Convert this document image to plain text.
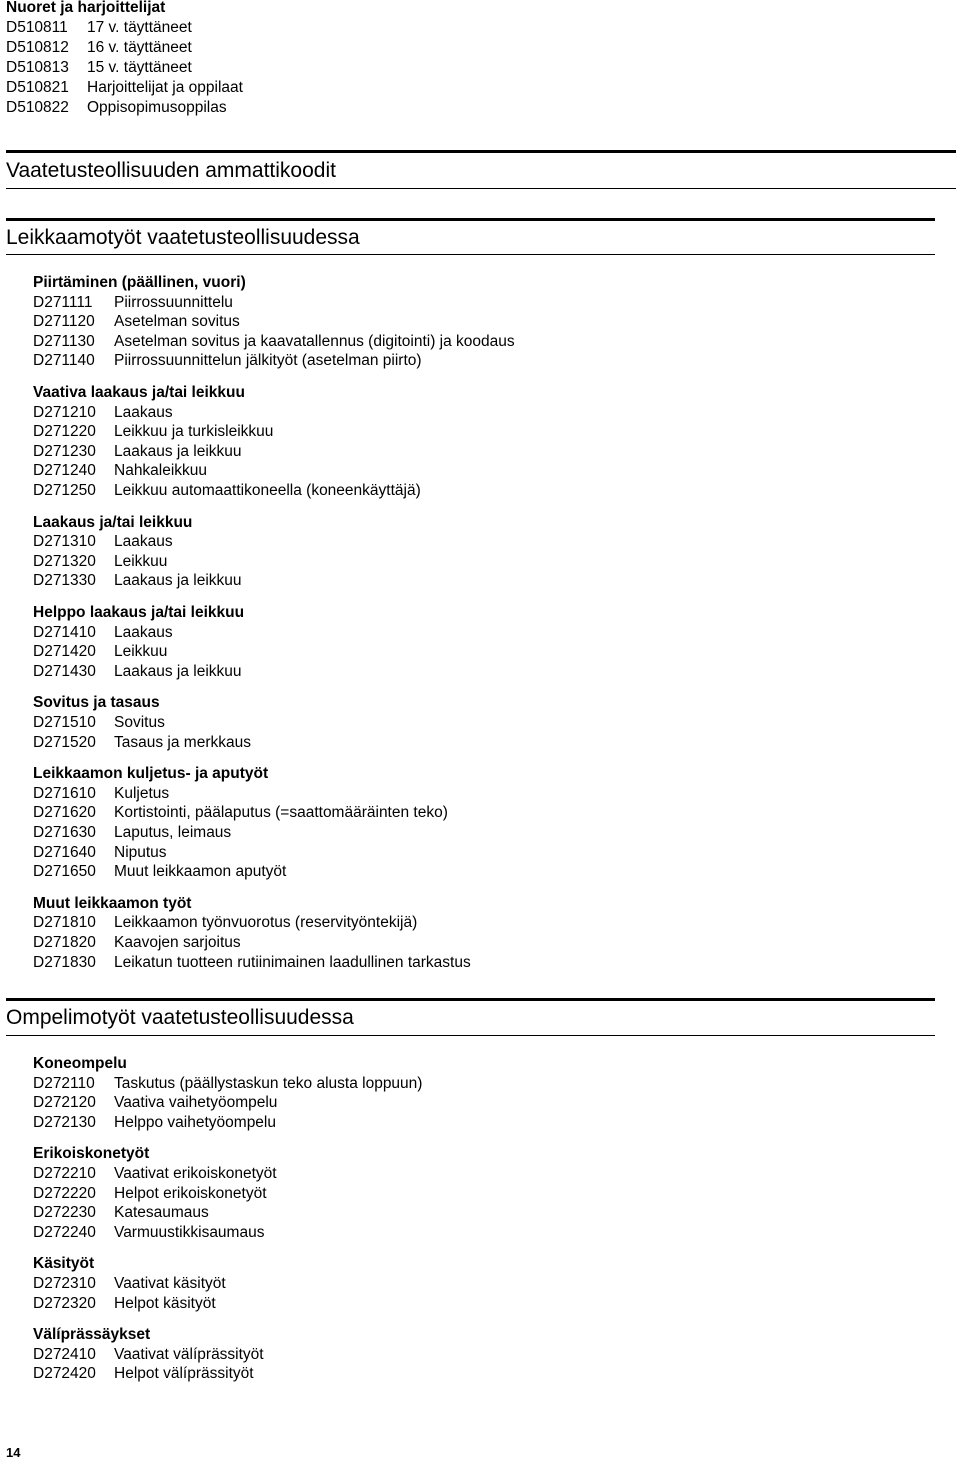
Nuoret ja harjoittelijat
D510811 17 v. täyttäneet
D510812 16 v. täyttäneet
D510813 15 v. täyttäneet
D510821 Harjoittelijat ja oppilaat
D510822 Oppisopimusoppilas
Vaatetusteollisuuden ammattikoodit
Leikkaamotyöt vaatetusteollisuudessa
Piirtäminen (päällinen, vuori)
D271111 Piirrossuunnittelu
D271120 Asetelman sovitus
D271130 Asetelman sovitus ja kaavatallennus (digitointi) ja koodaus
D271140 Piirrossuunnittelun jälkityöt (asetelman piirto)
Vaativa laakaus ja/tai leikkuu
D271210 Laakaus
D271220 Leikkuu ja turkisleikkuu
D271230 Laakaus ja leikkuu
D271240 Nahkaleikkuu
D271250 Leikkuu automaattikoneella (koneenkäyttäjä)
Laakaus ja/tai leikkuu
D271310 Laakaus
D271320 Leikkuu
D271330 Laakaus ja leikkuu
Helppo laakaus ja/tai leikkuu
D271410 Laakaus
D271420 Leikkuu
D271430 Laakaus ja leikkuu
Sovitus ja tasaus
D271510 Sovitus
D271520 Tasaus ja merkkaus
Leikkaamon kuljetus- ja aputyöt
D271610 Kuljetus
D271620 Kortistointi, päälaputus (=saattomääräinten teko)
D271630 Laputus, leimaus
D271640 Niputus
D271650 Muut leikkaamon aputyöt
Muut leikkaamon työt
D271810 Leikkaamon työnvuorotus (reservityöntekijä)
D271820 Kaavojen sarjoitus
D271830 Leikatun tuotteen rutiinimainen laadullinen tarkastus
Ompelimotyöt vaatetusteollisuudessa
Koneompelu
D272110 Taskutus (päällystaskun teko alusta loppuun)
D272120 Vaativa vaihetyöompelu
D272130 Helppo vaihetyöompelu
Erikoiskonetyöt
D272210 Vaativat erikoiskonetyöt
D272220 Helpot erikoiskonetyöt
D272230 Katesaumaus
D272240 Varmuustikkisaumaus
Käsityöt
D272310 Vaativat käsityöt
D272320 Helpot käsityöt
Välíprässäykset
D272410 Vaativat välíprässityöt
D272420 Helpot välíprässityöt
14
